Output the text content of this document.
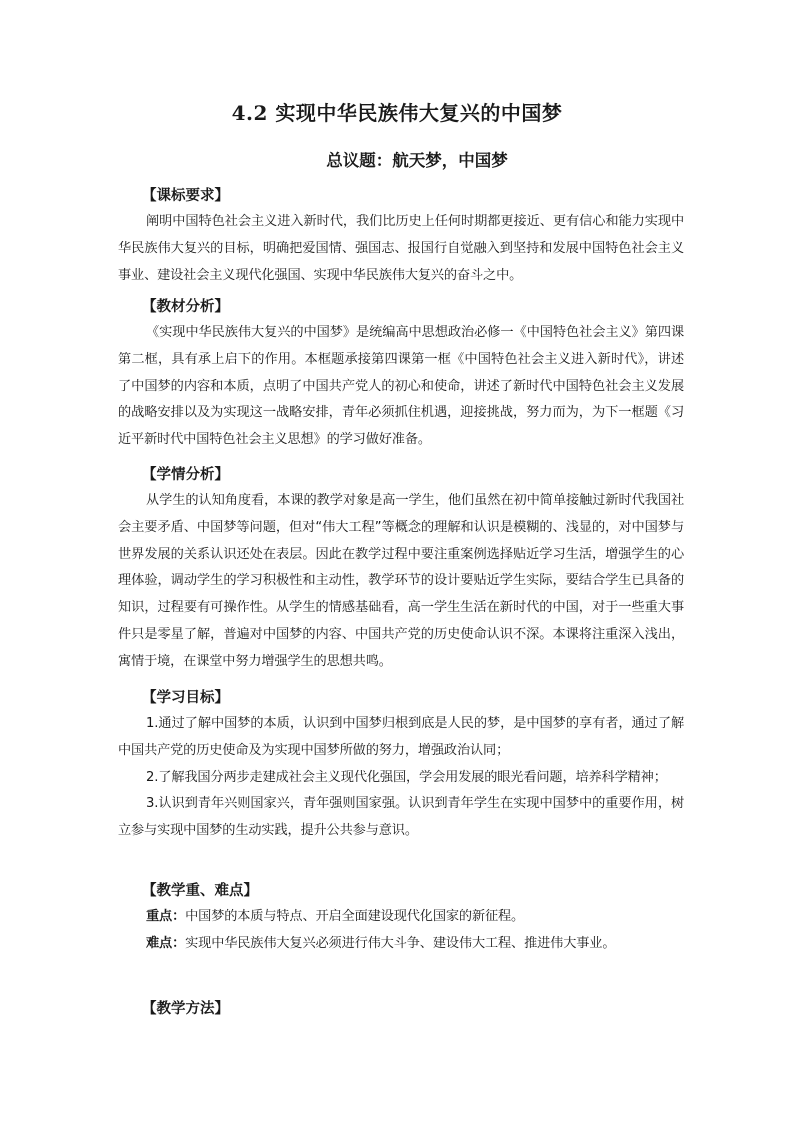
4.2 实现中华民族伟大复兴的中国梦
总议题：航天梦，中国梦
【课标要求】

阐明中国特色社会主义进入新时代，我们比历史上任何时期都更接近、更有信心和能力实现中华民族伟大复兴的目标，明确把爱国情、强国志、报国行自觉融入到坚持和发展中国特色社会主义事业、建设社会主义现代化强国、实现中华民族伟大复兴的奋斗之中。

【教材分析】

《实现中华民族伟大复兴的中国梦》是统编高中思想政治必修一《中国特色社会主义》第四课第二框，具有承上启下的作用。本框题承接第四课第一框《中国特色社会主义进入新时代》，讲述了中国梦的内容和本质，点明了中国共产党人的初心和使命，讲述了新时代中国特色社会主义发展的战略安排以及为实现这一战略安排，青年必须抓住机遇，迎接挑战，努力而为，为下一框题《习近平新时代中国特色社会主义思想》的学习做好准备。

【学情分析】

从学生的认知角度看，本课的教学对象是高一学生，他们虽然在初中简单接触过新时代我国社会主要矛盾、中国梦等问题，但对“伟大工程”等概念的理解和认识是模糊的、浅显的，对中国梦与世界发展的关系认识还处在表层。因此在教学过程中要注重案例选择贴近学习生活，增强学生的心理体验，调动学生的学习积极性和主动性，教学环节的设计要贴近学生实际，要结合学生已具备的知识，过程要有可操作性。从学生的情感基础看，高一学生生活在新时代的中国，对于一些重大事件只是零星了解，普遍对中国梦的内容、中国共产党的历史使命认识不深。本课将注重深入浅出，寓情于境，在课堂中努力增强学生的思想共鸣。

【学习目标】

1.通过了解中国梦的本质，认识到中国梦归根到底是人民的梦，是中国梦的享有者，通过了解中国共产党的历史使命及为实现中国梦所做的努力，增强政治认同；

2.了解我国分两步走建成社会主义现代化强国，学会用发展的眼光看问题，培养科学精神；

3.认识到青年兴则国家兴，青年强则国家强。认识到青年学生在实现中国梦中的重要作用，树立参与实现中国梦的生动实践，提升公共参与意识。

【教学重、难点】

重点：中国梦的本质与特点、开启全面建设现代化国家的新征程。

难点：实现中华民族伟大复兴必须进行伟大斗争、建设伟大工程、推进伟大事业。

【教学方法】
